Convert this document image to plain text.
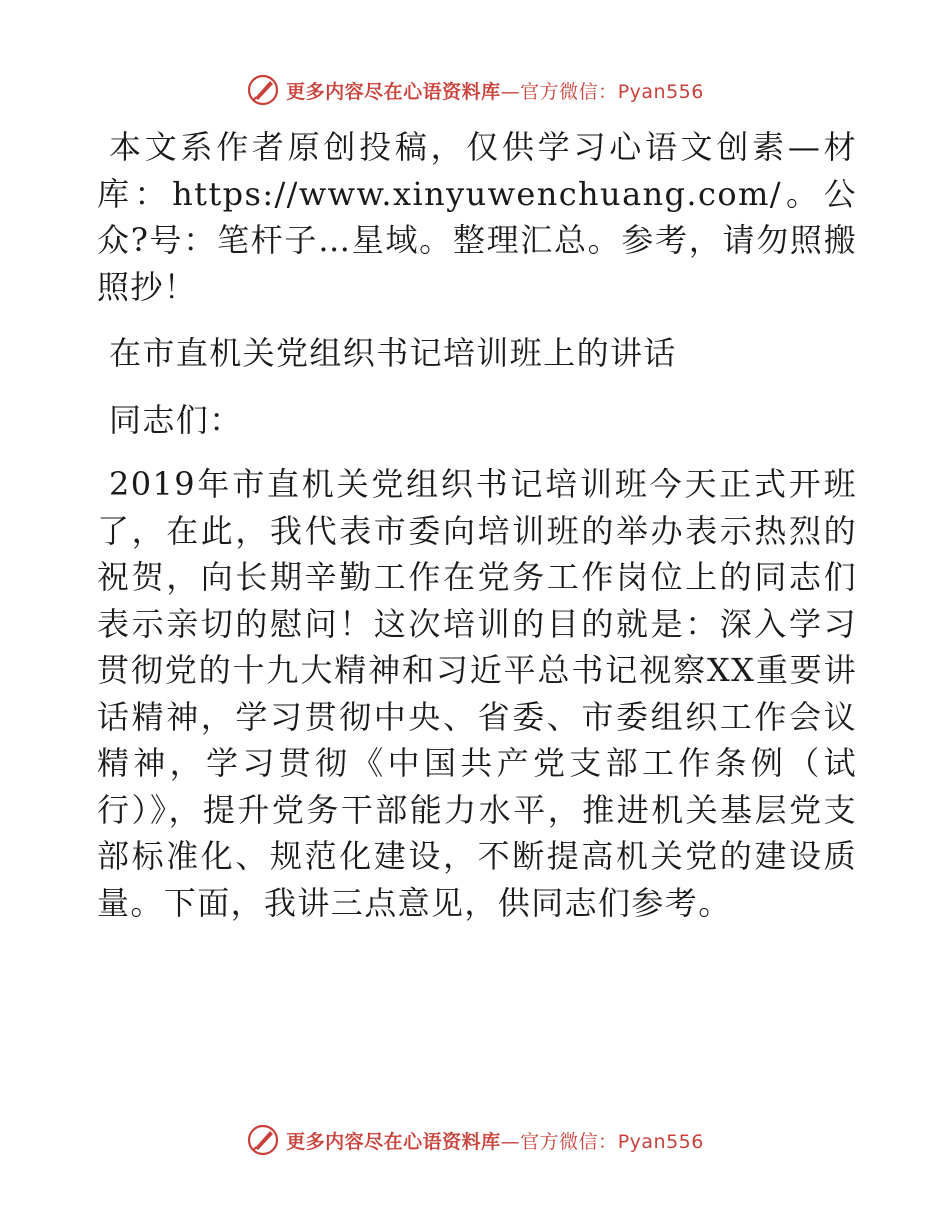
更多内容尽在心语资料库—官方微信：Pyan556

本文系作者原创投稿，仅供学习心语文创素—材库：https://www.xinyuwenchuang.com/。公众?号：笔杆子…星域。整理汇总。参考，请勿照搬照抄！

在市直机关党组织书记培训班上的讲话

同志们：

2019年市直机关党组织书记培训班今天正式开班了，在此，我代表市委向培训班的举办表示热烈的祝贺，向长期辛勤工作在党务工作岗位上的同志们表示亲切的慰问！这次培训的目的就是：深入学习贯彻党的十九大精神和习近平总书记视察XX重要讲话精神，学习贯彻中央、省委、市委组织工作会议精神，学习贯彻《中国共产党支部工作条例（试行）》，提升党务干部能力水平，推进机关基层党支部标准化、规范化建设，不断提高机关党的建设质量。下面，我讲三点意见，供同志们参考。

更多内容尽在心语资料库—官方微信：Pyan556
